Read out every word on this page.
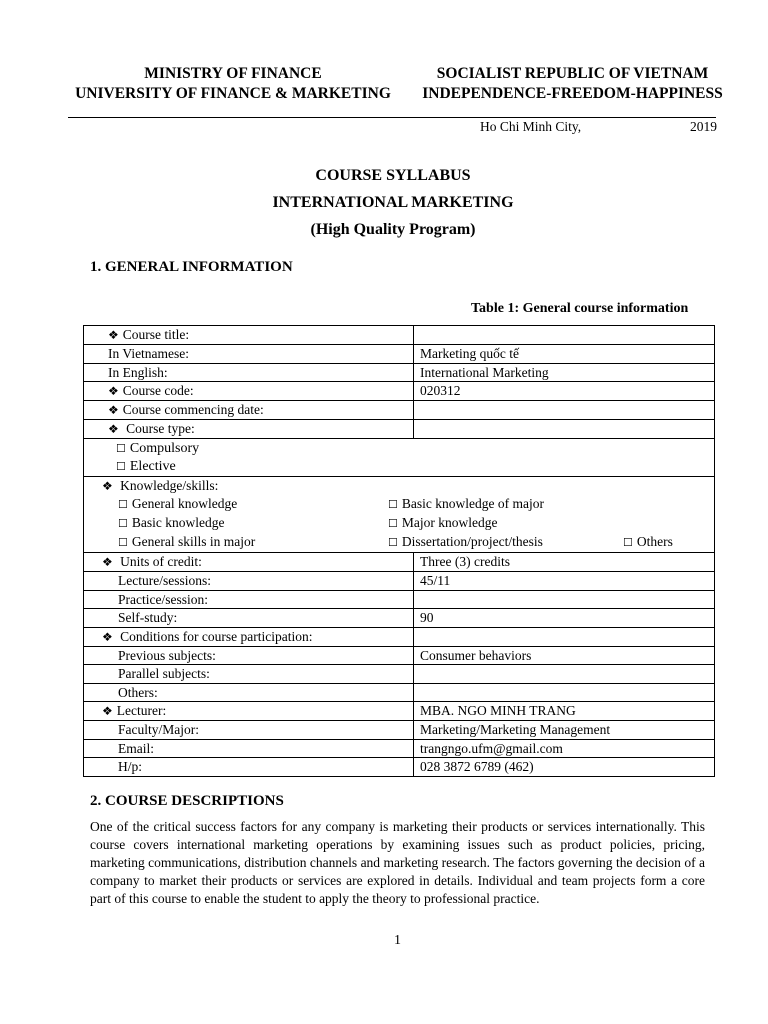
MINISTRY OF FINANCE
UNIVERSITY OF FINANCE & MARKETING
SOCIALIST REPUBLIC OF VIETNAM
INDEPENDENCE-FREEDOM-HAPPINESS
Ho Chi Minh City,	2019
COURSE SYLLABUS
INTERNATIONAL MARKETING
(High Quality Program)
1. GENERAL INFORMATION
Table 1: General course information
❖ Course title:	
In Vietnamese:	Marketing quốc tế
In English:	International Marketing
❖ Course code:	020312
❖ Course commencing date:	
❖ Course type:	

☐ Compulsory
☐ Elective	

❖ Knowledge/skills:
☐ General knowledge ☐ Basic knowledge of major
☐ Basic knowledge ☐ Major knowledge
☐ General skills in major ☐ Dissertation/project/thesis ☐ Others	

❖ Units of credit:	Three (3) credits
Lecture/sessions:	45/11
Practice/session:	
Self-study:	90
❖ Conditions for course participation:	
Previous subjects:	Consumer behaviors
Parallel subjects:	
Others:	
❖ Lecturer:	MBA. NGO MINH TRANG
Faculty/Major:	Marketing/Marketing Management
Email:	trangngo.ufm@gmail.com
H/p:	028 3872 6789 (462)
2. COURSE DESCRIPTIONS
One of the critical success factors for any company is marketing their products or services internationally. This course covers international marketing operations by examining issues such as product policies, pricing, marketing communications, distribution channels and marketing research. The factors governing the decision of a company to market their products or services are explored in details. Individual and team projects form a core part of this course to enable the student to apply the theory to professional practice.
1
